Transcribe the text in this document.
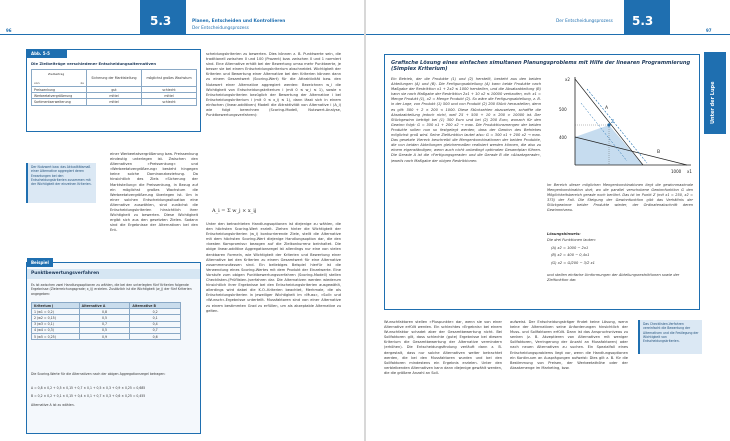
5.3
96
Planen, Entscheiden und Kontrollieren
Der Entscheidungsprozess
Abb. 5-5
Die Zielbeiträge verschiedener Entscheidungsalternativen
Zielbeitrag
von zu	Sicherung der Marktstellung	möglichst großes Wachstum
Preissenkung	gut	schlecht
Werbeetatvergrößerung	mittel	mittel
Sortimentserweiterung	mittel	schlecht
Der Nutzwert bzw. das Aktualitätsmaß einer Alternative aggregiert deren Erwartungen bei den Entscheidungskriterien zusammen mit der Wichtigkeit der einzelnen Kriterien.
einer Werbeetatvergrößerung bzw. Preissenkung eindeutig unterlegen ist. Zwischen den Alternativen »Preissenkung« und »Werbeetatvergrößerung« besteht hingegen keine solche Dominanzbeziehung. Da hinsichtlich des Ziels »Sicherung der Marktstellung« die Preissenkung, in Bezug auf ein möglichst großes Wachstum die Werbeetatvergrößerung überlegen ist. Um in einer solchen Entscheidungssituation eine Alternative auswählen, sind zunächst die Entscheidungskriterien hinsichtlich ihrer Wichtigkeit zu bewerten. Diese Wichtigkeit ergibt sich aus den gesetzten Zielen. Sodann sind die Ergebnisse der Alternativen bei den Ent-
scheidungskriterien zu bewerten. Dies können z. B. Punktwerte sein, die traditionell zwischen 0 und 100 (Prozent) bzw. zwischen 0 und 1 normiert sind. Eine Alternative erhält bei der Bewertung umso mehr Punktwerte, je besser sie bei einem Entscheidungskriterium abschneidet. Wichtigkeit der Kriterien und Bewertung einer Alternative bei den Kriterien können dann zu einem Gesamtwert (Scoring-Wert) für die Attraktivität bzw. den Nutzwert einer Alternative aggregiert werden: Bezeichnen w_i die Wichtigkeit von Entscheidungskriterium i (mit 0 ≤ w_i ≤ 1), sowie n Entscheidungskriterien bezüglich der Bewertung der Alternative i bei Entscheidungskriterium i (mit 0 ≤ x_ij ≤ 1), dann lässt sich in einem einfachen (linear-additiven) Modell die Attraktivität von Alternative i (A_i) wie folgt berechnen (Scoring-Modell, Nutzwert-Analyse, Punktbewertungsverfahren):
A_i = Σ w_j × x_ij
Unter den betrachteten Handlungsoptionen ist diejenige zu wählen, die den höchsten Scoring-Wert erzielt. Ziehen hinter die Wichtigkeit der Entscheidungskriterien (w_i) konkurrierende Ziele, stellt die Alternative mit dem höchsten Scoring-Wert diejenige Handlungsoption dar, die den »besten Kompromiss« bezogen auf die Zielkonkurrenz beinhaltet. Die obige linear-additive Aggregationsregel ist allerdings nur eine von vielen denkbaren Formeln, wie Wichtigkeit der Kriterien und Bewertung einer Alternative bei den Kriterien zu einem Gesamtwert für eine Alternative zusammenzufassen sind. Ein beliebiges Beispiel hierfür ist die Verwendung eines Scoring-Wertes mit dem Produkt der Einzelwerte. Eine Vorstufe zum obigen Punktbewertungsverfahren (Scoring-Modell) stellen Checklisten-(Prüflisten-)verfahren dar. Die Alternativen werden wiederum hinsichtlich ihrer Ergebnisse bei den Entscheidungskriterien ausgewählt, allerdings wird dabei die K.O.-Kriterien beachtet, Merkmale, die als Entscheidungskriterien in jeweiliger Wichtigkeit im »Muss«, »Soll« und »Wunsch«-Ergebnisse unterteilt. Mussfaktoren sind von einer Alternative zu einem bestimmten Grad zu erfüllen, um als akzeptable Alternative zu gelten.
Beispiel
Punktbewertungsverfahren
Es ist zwischen zwei Handlungsoptionen zu wählen, die bei den unterlegten fünf Kriterien folgende Ergebnisse (Zielerreichungsgrade; x_ij) erzielen. Zusätzlich ist die Wichtigkeit (w_j) der fünf Kriterien angegeben:
Kriterium j	Alternative A	Alternative B
1 (w1 = 0,2)	0,8	0,2
2 (w2 = 0,15)	0,5	0,1
3 (w3 = 0,1)	0,7	0,4
4 (w4 = 0,3)	0,5	0,7
5 (w5 = 0,25)	0,9	0,6
Die Scoring-Werte für die Alternativen nach der obigen Aggregationsregel betragen:
A = 0,8 × 0,2 + 0,5 × 0,15 + 0,7 × 0,1 + 0,5 × 0,3 + 0,9 × 0,25 = 0,685
B = 0,2 × 0,2 + 0,1 × 0,15 + 0,4 × 0,1 + 0,7 × 0,3 + 0,6 × 0,25 = 0,455
Alternative A ist zu wählen.
5.3
Der Entscheidungsprozess
97
Unter der Lupe
Grafische Lösung eines einfachen simultanen Planungsproblems mit Hilfe der linearen Programmierung (Simplex Kriterium)
Ein Betrieb, der die Produkte (1) und (2) herstellt, besteht aus den beiden Abteilungen (A) und (B). Die Fertigungsabteilung (A) kann beide Produkte nach Maßgabe der Restriktion x1 + 2x2 ≤ 1000 herstellen, und die Absatzabteilung (B) kann sie nach Maßgabe der Restriktion 2x1 + 10 x2 ≤ 10000 verkaufen, mit: x1 = Menge Produkt (1), x2 = Menge Produkt (2). So wäre die Fertigungsabteilung, z. B. in der Lage, von Produkt (1) 500 und von Produkt (2) 200 Stück herzustellen, denn es gilt: 500 + 2 × 200 < 1000. Diese Stückzahlen abzusetzen, schaffte die Absatzabteilung jedoch nicht, weil 25 + 500 + 10 × 200 > 10000 ist. Der Stückgewinn beträgt bei (1) 300 Euro und bei (2) 200 Euro, wonach für den Gewinn folgt: G = 300 x1 + 200 x2 → max. Die Produktionsmengen der beiden Produkte sollen nun so festgelegt werden, dass der Gewinn des Betriebes möglichst groß wird. Seine Zielfunktion lautet also: G = 300 x1 + 200 x2 → max. Das gesetzte Viereck beschreibt die Mengenkombinationen der beiden Produkte, die von beiden Abteilungen gleichermaßen realisiert werden können, die also zu einem eigenständigen, wenn auch nicht unbedingt optimalen Gesamtplan führen. Die Gerade A ist die »Fertigungsgerade« und die Gerade B die »Absatzgerade«, jeweils nach Maßgabe der obigen Restriktionen.
500
400
1000
A
B
Z
x2
x1
Im Bereich dieser möglichen Mengenkombinationen liegt die gewinnmaximale Mengenkombination dort, wo die parallel verschobene Gewinnfunktion G den Möglichkeitsbereich gerade noch berührt. Das ist im Punkt Z (mit x1 = 250, x2 = 375) der Fall. Die Steigung der Gewinnfunktion gibt das Verhältnis der Stückgewinne beider Produkte wieder, der Ordinatenabschnitt deren Gewinnniveau.
Lösungshinweis:
Die drei Funktionen lauten:
(A) x2 = 1000 − 2x1
(B) x2 = 400 − 0,4x1
(G) x2 = G/200 − 3/2 x1
und stellen einfache Umformungen der Abteilungsrestriktionen sowie der Zielfunktion dar.
Wunschfaktoren stellen »Pluspunkte« dar, wenn sie von einer Alternative erfüllt werden. Ein schlechtes »Ergebnis« bei einem Wunschfaktor schadet aber der Gesamtbewertung nicht. Bei Sollfaktoren gilt, dass schlechte (gute) Ergebnisse bei diesem Kriterium die Gesamtbewertung der Alternative vermindern (erhöhen). Die Entscheidungsfindung verläuft dann z. B. dergestalt, dass nur solche Alternativen weiter betrachtet werden, die bei den Mussfaktoren wurden und bei den Sollfaktoren mindestens ein Ergebnis erzielen. Unter den verbleibenden Alternativen kann dann diejenige gewählt werden, die die größere Anzahl an Soll-
aufweist. Der Entscheidungsträger findet keine Lösung, wenn keine der Alternativen seine Anforderungen hinsichtlich der Muss- und Sollfaktoren erfüllt. Dann ist das Anspruchsniveau zu senken (z. B. Akzeptieren von Alternativen mit weniger Sollfaktoren, Verringerung der Anzahl an Mussfaktoren) oder nach neuen Alternativen zu suchen. Ein Spezialfall eines Entscheidungsproblems liegt vor, wenn die Handlungsoptionen ein Kontinuum an Ausprägungen aufweist: Dies gilt z. B. für die Bestimmung von Preisen, der Werbeetathöhe oder der Absatzmenge im Marketing, bzw.
Das Checklisten-Verfahren vereinfacht die Bewertung der Alternativen und die Festlegung der Wichtigkeit von Entscheidungskriterien.
